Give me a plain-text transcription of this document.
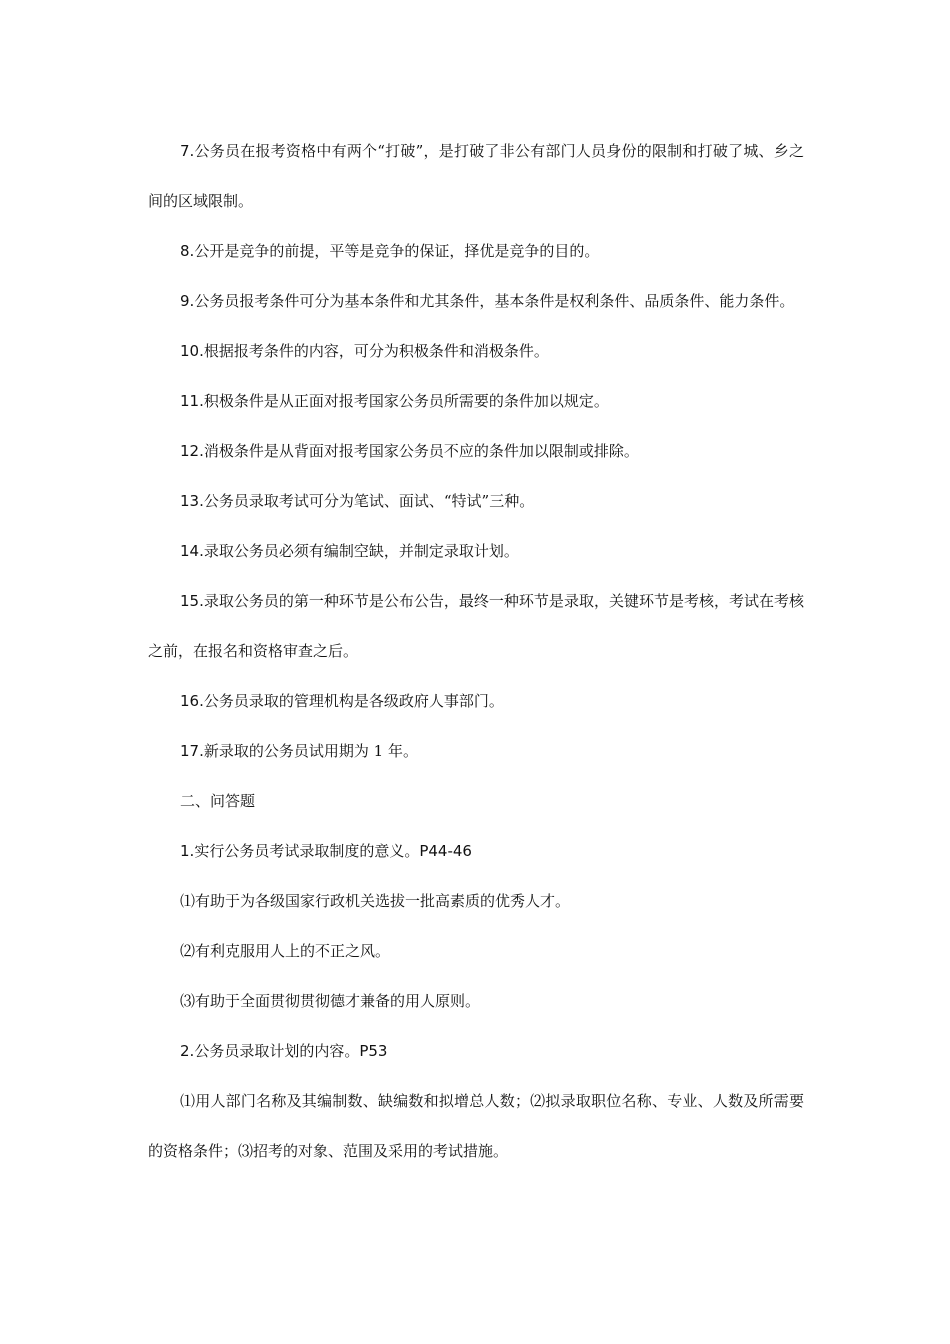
7.公务员在报考资格中有两个“打破”，是打破了非公有部门人员身份的限制和打破了城、乡之间的区域限制。

8.公开是竞争的前提，平等是竞争的保证，择优是竞争的目的。

9.公务员报考条件可分为基本条件和尤其条件，基本条件是权利条件、品质条件、能力条件。

10.根据报考条件的内容，可分为积极条件和消极条件。

11.积极条件是从正面对报考国家公务员所需要的条件加以规定。

12.消极条件是从背面对报考国家公务员不应的条件加以限制或排除。

13.公务员录取考试可分为笔试、面试、“特试”三种。

14.录取公务员必须有编制空缺，并制定录取计划。

15.录取公务员的第一种环节是公布公告，最终一种环节是录取，关键环节是考核，考试在考核之前，在报名和资格审查之后。

16.公务员录取的管理机构是各级政府人事部门。

17.新录取的公务员试用期为 1 年。

二、问答题

1.实行公务员考试录取制度的意义。P44-46

⑴有助于为各级国家行政机关选拔一批高素质的优秀人才。

⑵有利克服用人上的不正之风。

⑶有助于全面贯彻贯彻德才兼备的用人原则。

2.公务员录取计划的内容。P53

⑴用人部门名称及其编制数、缺编数和拟增总人数；⑵拟录取职位名称、专业、人数及所需要的资格条件；⑶招考的对象、范围及采用的考试措施。
